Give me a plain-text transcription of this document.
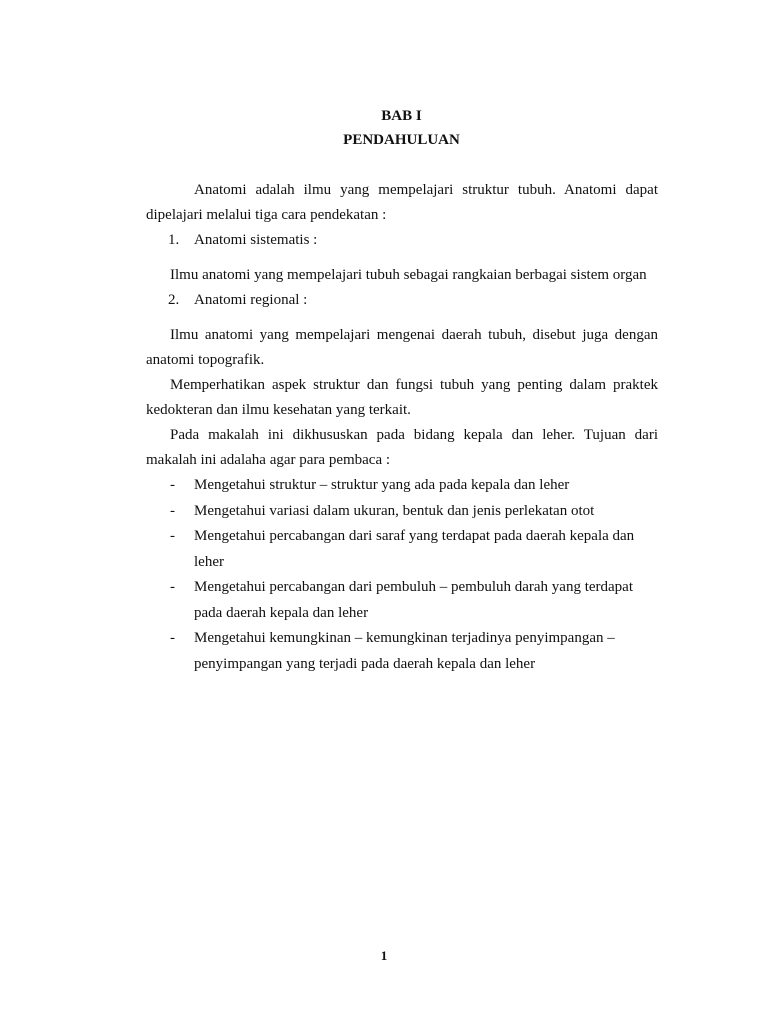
BAB I
PENDAHULUAN

Anatomi adalah ilmu yang mempelajari struktur tubuh. Anatomi dapat dipelajari melalui tiga cara pendekatan :

1. Anatomi sistematis :

Ilmu anatomi yang mempelajari tubuh sebagai rangkaian berbagai sistem organ

2. Anatomi regional :

Ilmu anatomi yang mempelajari mengenai daerah tubuh, disebut juga dengan anatomi topografik.

Memperhatikan aspek struktur dan fungsi tubuh yang penting dalam praktek kedokteran dan ilmu kesehatan yang terkait.

Pada makalah ini dikhususkan pada bidang kepala dan leher. Tujuan dari makalah ini adalaha agar para pembaca :

- Mengetahui struktur – struktur yang ada pada kepala dan leher
- Mengetahui variasi dalam ukuran, bentuk dan jenis perlekatan otot
- Mengetahui percabangan dari saraf yang terdapat pada daerah kepala dan leher
- Mengetahui percabangan dari pembuluh – pembuluh darah yang terdapat pada daerah kepala dan leher
- Mengetahui kemungkinan – kemungkinan terjadinya penyimpangan – penyimpangan yang terjadi pada daerah kepala dan leher
1
